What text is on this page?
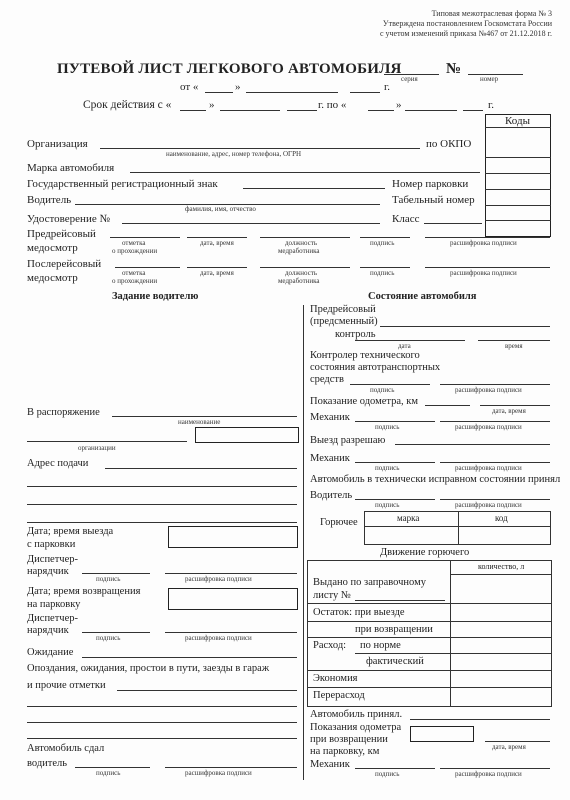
Типовая межотраслевая форма № 3
Утверждена постановлением Госкомстата России
с учетом изменений приказа №467 от 21.12.2018 г.
ПУТЕВОЙ ЛИСТ ЛЕГКОВОГО АВТОМОБИЛЯ	№
серия	номер
от «	»	г.
Срок действия с «	»	г. по «	»	г.
Коды
Организация	по ОКПО
наименование, адрес, номер телефона, ОГРН
Марка автомобиля
Государственный регистрационный знак	Номер парковки
Водитель	Табельный номер
фамилия, имя, отчество
Удостоверение №	Класс
Предрейсовый
медосмотр	отметка
о прохождении
дата, время	должность
медработника
подпись	расшифровка подписи
Послерейсовый
медосмотр	отметка
о прохождении
дата, время	должность
медработника
подпись	расшифровка подписи
Задание водителю	Состояние автомобиля
В распоряжение
наименование
организации
Адрес подачи
Дата; время выезда
с парковки
Диспетчер-
нарядчик
подпись	расшифровка подписи
Дата; время возвращения
на парковку
Диспетчер-
нарядчик
подпись	расшифровка подписи
Ожидание
Опоздания, ожидания, простои в пути, заезды в гараж
и прочие отметки
Автомобиль сдал
водитель
подпись	расшифровка подписи
Предрейсовый
(предсменный)
контроль
дата	время
Контролер технического
состояния автотранспортных
средств
подпись	расшифровка подписи
Показание одометра, км
дата, время
Механик
подпись	расшифровка подписи
Выезд разрешаю
Механик
подпись	расшифровка подписи
Автомобиль в технически исправном состоянии принял
Водитель
подпись	расшифровка подписи
Горючее	марка	код
Движение горючего
количество, л
Выдано по заправочному
листу №
Остаток: при выезде
при возвращении
Расход: по норме
фактический
Экономия
Перерасход
Автомобиль принял.
Показания одометра
при возвращении
на парковку, км	дата, время
Механик
подпись	расшифровка подписи
